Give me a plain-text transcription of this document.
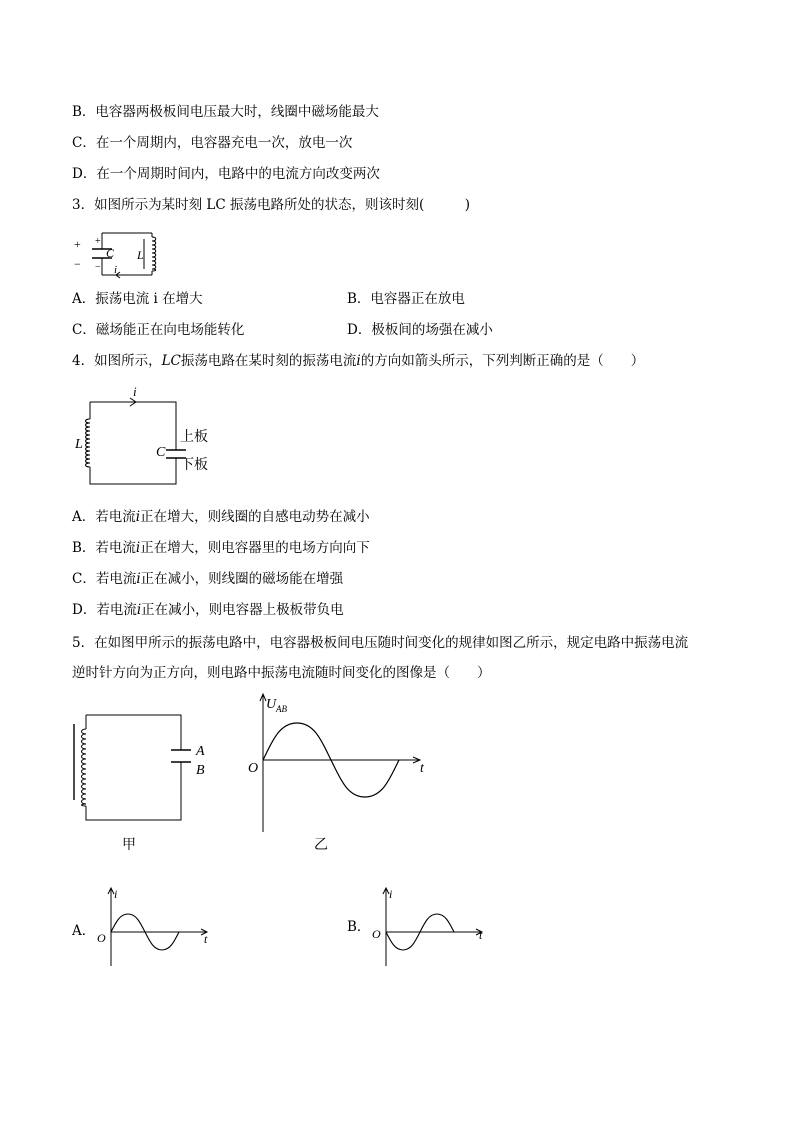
B．电容器两极板间电压最大时，线圈中磁场能最大
C．在一个周期内，电容器充电一次，放电一次
D．在一个周期时间内，电路中的电流方向改变两次
3．如图所示为某时刻 LC 振荡电路所处的状态，则该时刻(　　　)
+ +
− −
C L
i
A．振荡电流 i 在增大	B．电容器正在放电
C．磁场能正在向电场能转化	D．极板间的场强在减小
4．如图所示，LC振荡电路在某时刻的振荡电流i的方向如箭头所示，下列判断正确的是（　　）
i
L
C
上板
下板
A．若电流i正在增大，则线圈的自感电动势在减小
B．若电流i正在增大，则电容器里的电场方向向下
C．若电流i正在减小，则线圈的磁场能在增强
D．若电流i正在减小，则电容器上极板带负电
5．在如图甲所示的振荡电路中，电容器极板间电压随时间变化的规律如图乙所示，规定电路中振荡电流
逆时针方向为正方向，则电路中振荡电流随时间变化的图像是（　　）
A
B
甲
U AB
O	t
乙
A．
i
O	t
B．
i
O	t
